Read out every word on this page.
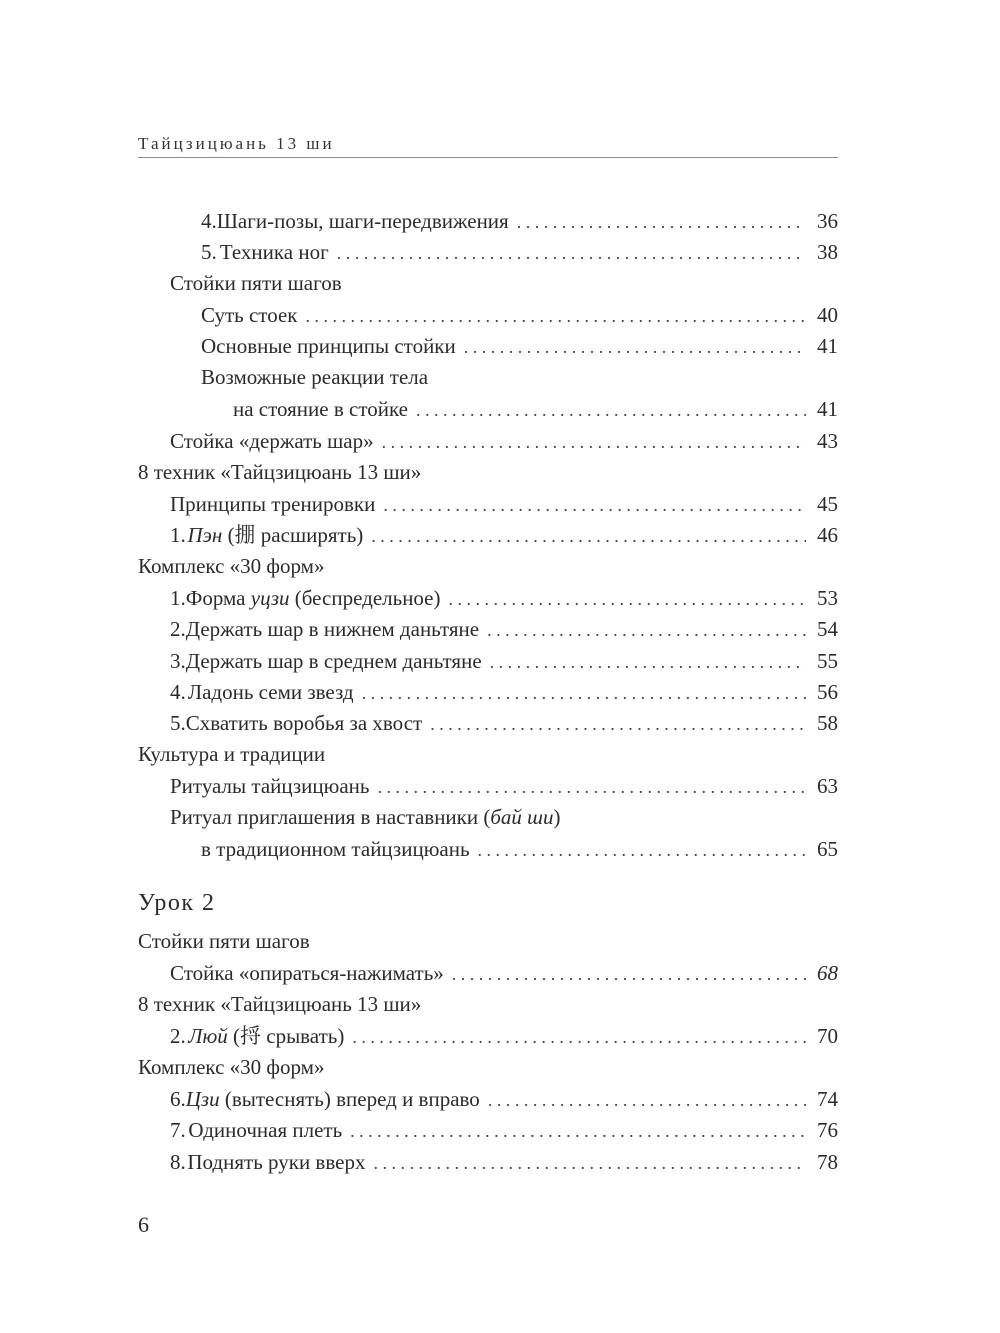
Тайцзицюань 13 ши
4. Шаги-позы, шаги-передвижения . . .	36
5. Техника ног . . .	38
Стойки пяти шагов
Суть стоек . . .	40
Основные принципы стойки . . .	41
Возможные реакции тела
на стояние в стойке . . .	41
Стойка «держать шар» . . .	43
8 техник «Тайцзицюань 13 ши»
Принципы тренировки . . .	45
1. Пэн (掤 расширять) . . .	46
Комплекс «30 форм»
1. Форма уцзи (беспредельное) . . .	53
2. Держать шар в нижнем даньтяне . . .	54
3. Держать шар в среднем даньтяне . . .	55
4. Ладонь семи звезд . . .	56
5. Схватить воробья за хвост . . .	58
Культура и традиции
Ритуалы тайцзицюань . . .	63
Ритуал приглашения в наставники (бай ши)
в традиционном тайцзицюань . . .	65
Урок 2
Стойки пяти шагов
Стойка «опираться-нажимать» . . .	68
8 техник «Тайцзицюань 13 ши»
2. Люй (捋 срывать) . . .	70
Комплекс «30 форм»
6. Цзи (вытеснять) вперед и вправо . . .	74
7. Одиночная плеть . . .	76
8. Поднять руки вверх . . .	78
6
